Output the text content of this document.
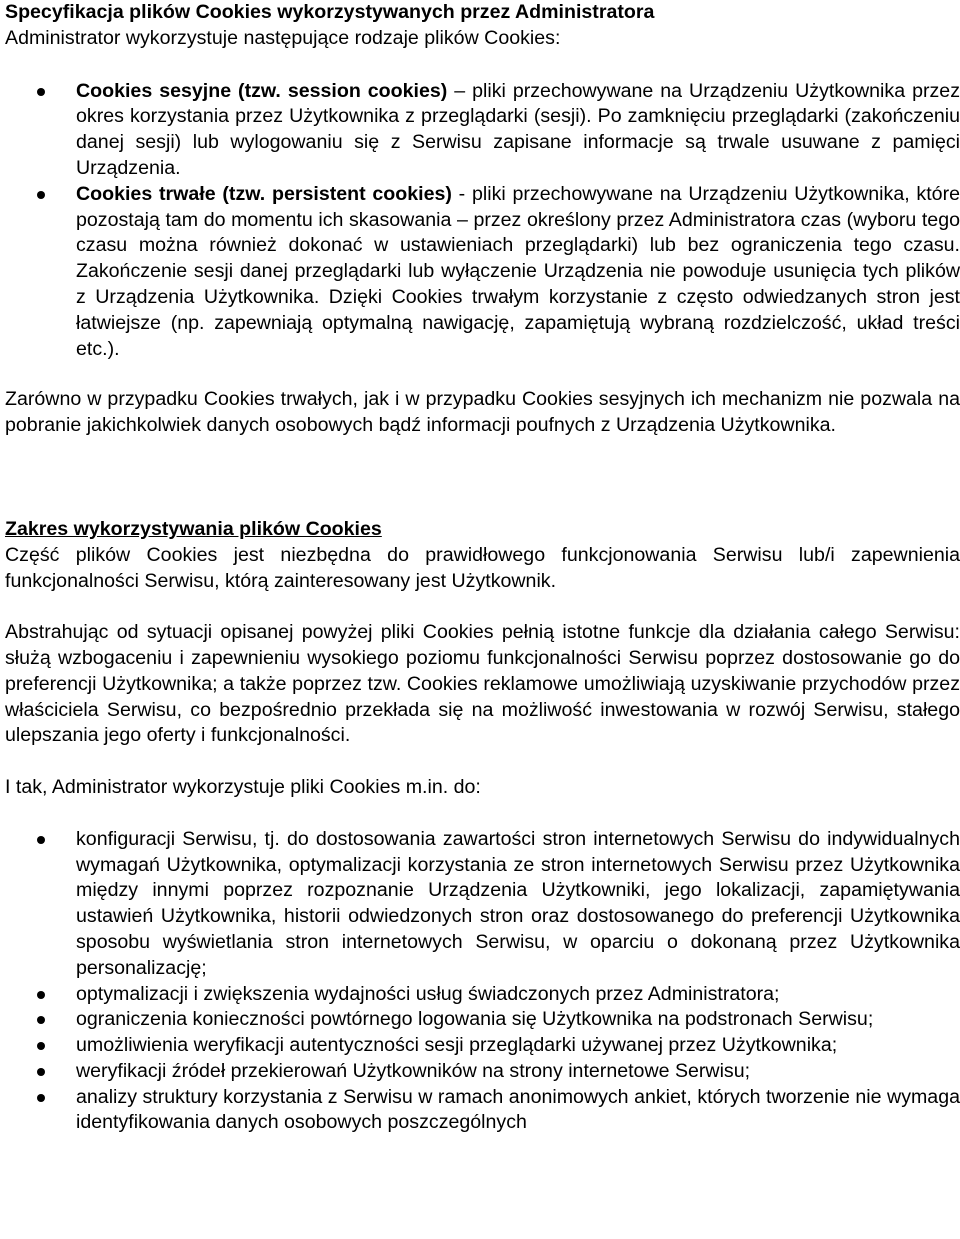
Specyfikacja plików Cookies wykorzystywanych przez Administratora

Administrator wykorzystuje następujące rodzaje plików Cookies:

Cookies sesyjne (tzw. session cookies) – pliki przechowywane na Urządzeniu Użytkownika przez okres korzystania przez Użytkownika z przeglądarki (sesji). Po zamknięciu przeglądarki (zakończeniu danej sesji) lub wylogowaniu się z Serwisu zapisane informacje są trwale usuwane z pamięci Urządzenia.
Cookies trwałe (tzw. persistent cookies) - pliki przechowywane na Urządzeniu Użytkownika, które pozostają tam do momentu ich skasowania – przez określony przez Administratora czas (wyboru tego czasu można również dokonać w ustawieniach przeglądarki) lub bez ograniczenia tego czasu. Zakończenie sesji danej przeglądarki lub wyłączenie Urządzenia nie powoduje usunięcia tych plików z Urządzenia Użytkownika. Dzięki Cookies trwałym korzystanie z często odwiedzanych stron jest łatwiejsze (np. zapewniają optymalną nawigację, zapamiętują wybraną rozdzielczość, układ treści etc.).

Zarówno w przypadku Cookies trwałych, jak i w przypadku Cookies sesyjnych ich mechanizm nie pozwala na pobranie jakichkolwiek danych osobowych bądź informacji poufnych z Urządzenia Użytkownika.

Zakres wykorzystywania plików Cookies

Część plików Cookies jest niezbędna do prawidłowego funkcjonowania Serwisu lub/i zapewnienia funkcjonalności Serwisu, którą zainteresowany jest Użytkownik.

Abstrahując od sytuacji opisanej powyżej pliki Cookies pełnią istotne funkcje dla działania całego Serwisu: służą wzbogaceniu i zapewnieniu wysokiego poziomu funkcjonalności Serwisu poprzez dostosowanie go do preferencji Użytkownika; a także poprzez tzw. Cookies reklamowe umożliwiają uzyskiwanie przychodów przez właściciela Serwisu, co bezpośrednio przekłada się na możliwość inwestowania w rozwój Serwisu, stałego ulepszania jego oferty i funkcjonalności.

I tak, Administrator wykorzystuje pliki Cookies m.in. do:

konfiguracji Serwisu, tj. do dostosowania zawartości stron internetowych Serwisu do indywidualnych wymagań Użytkownika, optymalizacji korzystania ze stron internetowych Serwisu przez Użytkownika między innymi poprzez rozpoznanie Urządzenia Użytkowniki, jego lokalizacji, zapamiętywania ustawień Użytkownika, historii odwiedzonych stron oraz dostosowanego do preferencji Użytkownika sposobu wyświetlania stron internetowych Serwisu, w oparciu o dokonaną przez Użytkownika personalizację;
optymalizacji i zwiększenia wydajności usług świadczonych przez Administratora;
ograniczenia konieczności powtórnego logowania się Użytkownika na podstronach Serwisu;
umożliwienia weryfikacji autentyczności sesji przeglądarki używanej przez Użytkownika;
weryfikacji źródeł przekierowań Użytkowników na strony internetowe Serwisu;
analizy struktury korzystania z Serwisu w ramach anonimowych ankiet, których tworzenie nie wymaga identyfikowania danych osobowych poszczególnych
